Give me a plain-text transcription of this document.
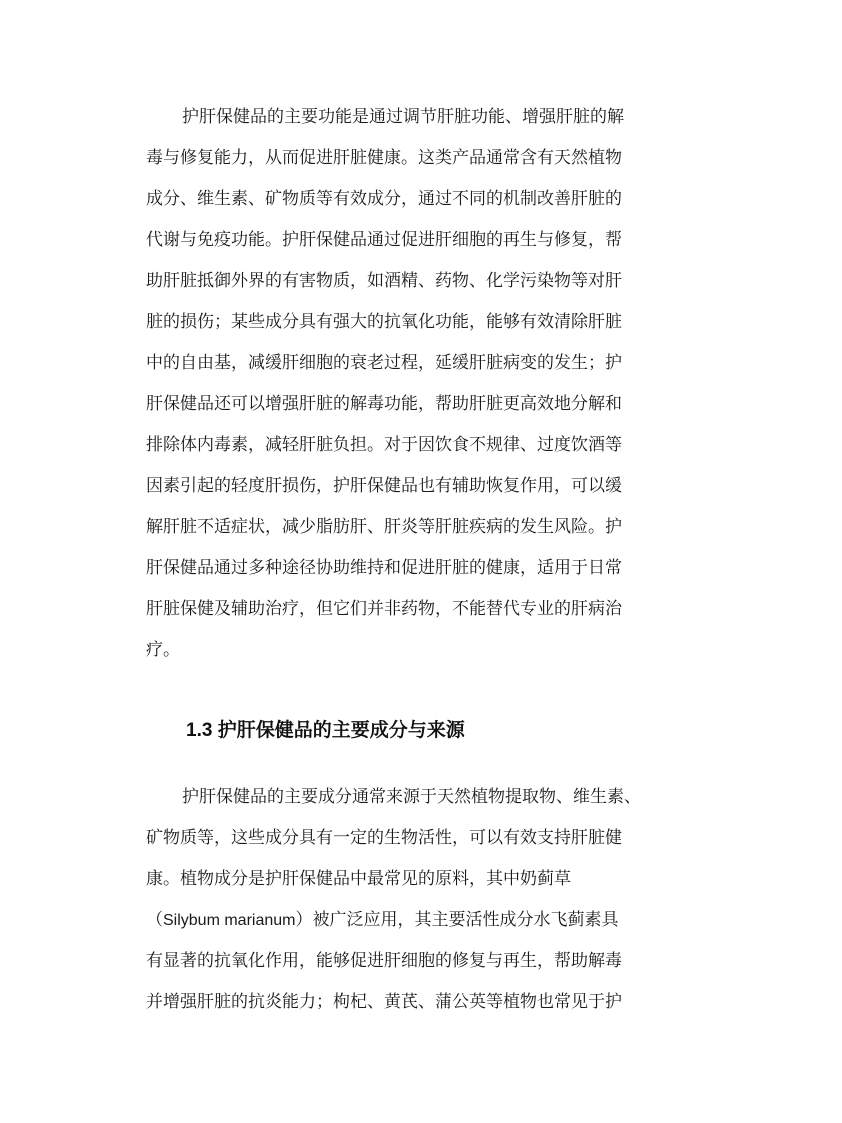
护肝保健品的主要功能是通过调节肝脏功能、增强肝脏的解
毒与修复能力，从而促进肝脏健康。这类产品通常含有天然植物
成分、维生素、矿物质等有效成分，通过不同的机制改善肝脏的
代谢与免疫功能。护肝保健品通过促进肝细胞的再生与修复，帮
助肝脏抵御外界的有害物质，如酒精、药物、化学污染物等对肝
脏的损伤；某些成分具有强大的抗氧化功能，能够有效清除肝脏
中的自由基，减缓肝细胞的衰老过程，延缓肝脏病变的发生；护
肝保健品还可以增强肝脏的解毒功能，帮助肝脏更高效地分解和
排除体内毒素，减轻肝脏负担。对于因饮食不规律、过度饮酒等
因素引起的轻度肝损伤，护肝保健品也有辅助恢复作用，可以缓
解肝脏不适症状，减少脂肪肝、肝炎等肝脏疾病的发生风险。护
肝保健品通过多种途径协助维持和促进肝脏的健康，适用于日常
肝脏保健及辅助治疗，但它们并非药物，不能替代专业的肝病治
疗。
1.3 护肝保健品的主要成分与来源
护肝保健品的主要成分通常来源于天然植物提取物、维生素、
矿物质等，这些成分具有一定的生物活性，可以有效支持肝脏健
康。植物成分是护肝保健品中最常见的原料，其中奶蓟草
（Silybum marianum）被广泛应用，其主要活性成分水飞蓟素具
有显著的抗氧化作用，能够促进肝细胞的修复与再生，帮助解毒
并增强肝脏的抗炎能力；枸杞、黄芪、蒲公英等植物也常见于护
